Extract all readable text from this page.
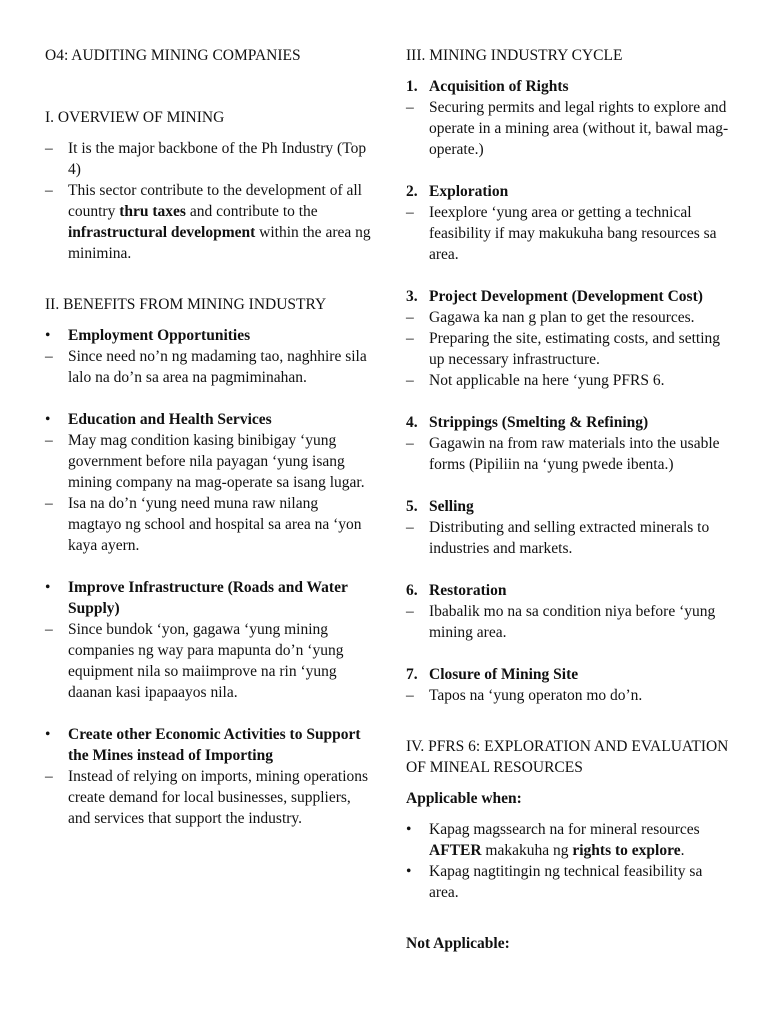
O4: AUDITING MINING COMPANIES

I. OVERVIEW OF MINING

– It is the major backbone of the Ph Industry (Top 4)
– This sector contribute to the development of all country thru taxes and contribute to the infrastructural development within the area ng minimina.

II. BENEFITS FROM MINING INDUSTRY

• Employment Opportunities
– Since need no’n ng madaming tao, naghhire sila lalo na do’n sa area na pagmiminahan.
• Education and Health Services
– May mag condition kasing binibigay ‘yung government before nila payagan ‘yung isang mining company na mag-operate sa isang lugar.
– Isa na do’n ‘yung need muna raw nilang magtayo ng school and hospital sa area na ‘yon kaya ayern.
• Improve Infrastructure (Roads and Water Supply)
– Since bundok ‘yon, gagawa ‘yung mining companies ng way para mapunta do’n ‘yung equipment nila so maiimprove na rin ‘yung daanan kasi ipapaayos nila.
• Create other Economic Activities to Support the Mines instead of Importing
– Instead of relying on imports, mining operations create demand for local businesses, suppliers, and services that support the industry.

III. MINING INDUSTRY CYCLE

1. Acquisition of Rights
– Securing permits and legal rights to explore and operate in a mining area (without it, bawal mag-operate.)
2. Exploration
– Ieexplore ‘yung area or getting a technical feasibility if may makukuha bang resources sa area.
3. Project Development (Development Cost)
– Gagawa ka nan g plan to get the resources.
– Preparing the site, estimating costs, and setting up necessary infrastructure.
– Not applicable na here ‘yung PFRS 6.
4. Strippings (Smelting & Refining)
– Gagawin na from raw materials into the usable forms (Pipiliin na ‘yung pwede ibenta.)
5. Selling
– Distributing and selling extracted minerals to industries and markets.
6. Restoration
– Ibabalik mo na sa condition niya before ‘yung mining area.
7. Closure of Mining Site
– Tapos na ‘yung operaton mo do’n.

IV. PFRS 6: EXPLORATION AND EVALUATION OF MINEAL RESOURCES

Applicable when:

• Kapag magssearch na for mineral resources AFTER makakuha ng rights to explore.
• Kapag nagtitingin ng technical feasibility sa area.

Not Applicable:
